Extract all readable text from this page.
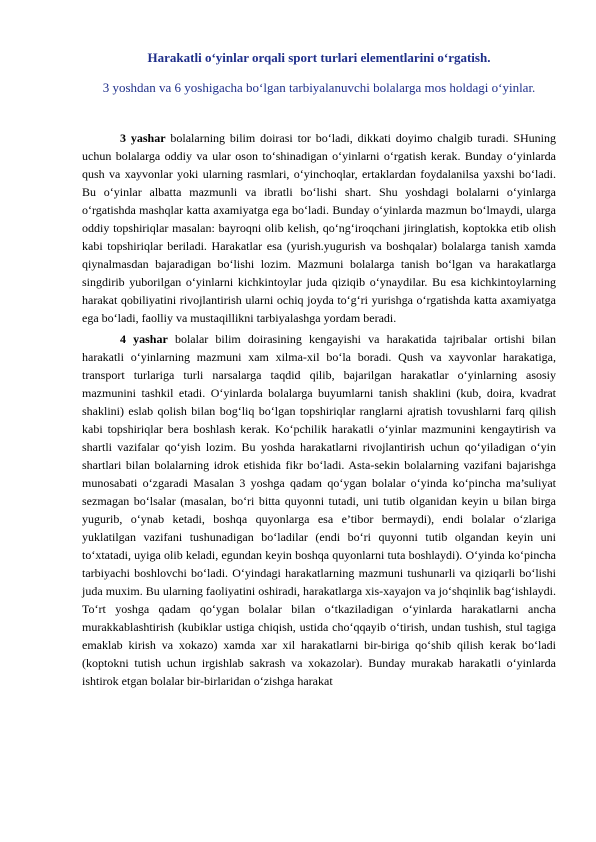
Harakatli o‘yinlar orqali sport turlari elementlarini o‘rgatish.
3 yoshdan va 6 yoshigacha bo‘lgan tarbiyalanuvchi bolalarga mos holdagi o‘yinlar.

3 yashar bolalarning bilim doirasi tor bo‘ladi, dikkati doyimo chalgib turadi. SHuning uchun bolalarga oddiy va ular oson to‘shinadigan o‘yinlarni o‘rgatish kerak. Bunday o‘yinlarda qush va xayvonlar yoki ularning rasmlari, o‘yinchoqlar, ertaklardan foydalanilsa yaxshi bo‘ladi. Bu o‘yinlar albatta mazmunli va ibratli bo‘lishi shart. Shu yoshdagi bolalarni o‘yinlarga o‘rgatishda mashqlar katta axamiyatga ega bo‘ladi. Bunday o‘yinlarda mazmun bo‘lmaydi, ularga oddiy topshiriqlar masalan: bayroqni olib kelish, qo‘ng‘iroqchani jiringlatish, koptokka etib olish kabi topshiriqlar beriladi. Harakatlar esa (yurish.yugurish va boshqalar) bolalarga tanish xamda qiynalmasdan bajaradigan bo‘lishi lozim. Mazmuni bolalarga tanish bo‘lgan va harakatlarga singdirib yuborilgan o‘yinlarni kichkintoylar juda qiziqib o‘ynaydilar. Bu esa kichkintoylarning harakat qobiliyatini rivojlantirish ularni ochiq joyda to‘g‘ri yurishga o‘rgatishda katta axamiyatga ega bo‘ladi, faolliy va mustaqillikni tarbiyalashga yordam beradi.

4 yashar bolalar bilim doirasining kengayishi va harakatida tajribalar ortishi bilan harakatli o‘yinlarning mazmuni xam xilma-xil bo‘la boradi. Qush va xayvonlar harakatiga, transport turlariga turli narsalarga taqdid qilib, bajarilgan harakatlar o‘yinlarning asosiy mazmunini tashkil etadi. O‘yinlarda bolalarga buyumlarni tanish shaklini (kub, doira, kvadrat shaklini) eslab qolish bilan bog‘liq bo‘lgan topshiriqlar ranglarni ajratish tovushlarni farq qilish kabi topshiriqlar bera boshlash kerak. Ko‘pchilik harakatli o‘yinlar mazmunini kengaytirish va shartli vazifalar qo‘yish lozim. Bu yoshda harakatlarni rivojlantirish uchun qo‘yiladigan o‘yin shartlari bilan bolalarning idrok etishida fikr bo‘ladi. Asta-sekin bolalarning vazifani bajarishga munosabati o‘zgaradi Masalan 3 yoshga qadam qo‘ygan bolalar o‘yinda ko‘pincha ma’suliyat sezmagan bo‘lsalar (masalan, bo‘ri bitta quyonni tutadi, uni tutib olganidan keyin u bilan birga yugurib, o‘ynab ketadi, boshqa quyonlarga esa e’tibor bermaydi), endi bolalar o‘zlariga yuklatilgan vazifani tushunadigan bo‘ladilar (endi bo‘ri quyonni tutib olgandan keyin uni to‘xtatadi, uyiga olib keladi, egundan keyin boshqa quyonlarni tuta boshlaydi). O‘yinda ko‘pincha tarbiyachi boshlovchi bo‘ladi. O‘yindagi harakatlarning mazmuni tushunarli va qiziqarli bo‘lishi juda muxim. Bu ularning faoliyatini oshiradi, harakatlarga xis-xayajon va jo‘shqinlik bag‘ishlaydi. To‘rt yoshga qadam qo‘ygan bolalar bilan o‘tkaziladigan o‘yinlarda harakatlarni ancha murakkablashtirish (kubiklar ustiga chiqish, ustida cho‘qqayib o‘tirish, undan tushish, stul tagiga emaklab kirish va xokazo) xamda xar xil harakatlarni bir-biriga qo‘shib qilish kerak bo‘ladi (koptokni tutish uchun irgishlab sakrash va xokazolar). Bunday murakab harakatli o‘yinlarda ishtirok etgan bolalar bir-birlaridan o‘zishga harakat
